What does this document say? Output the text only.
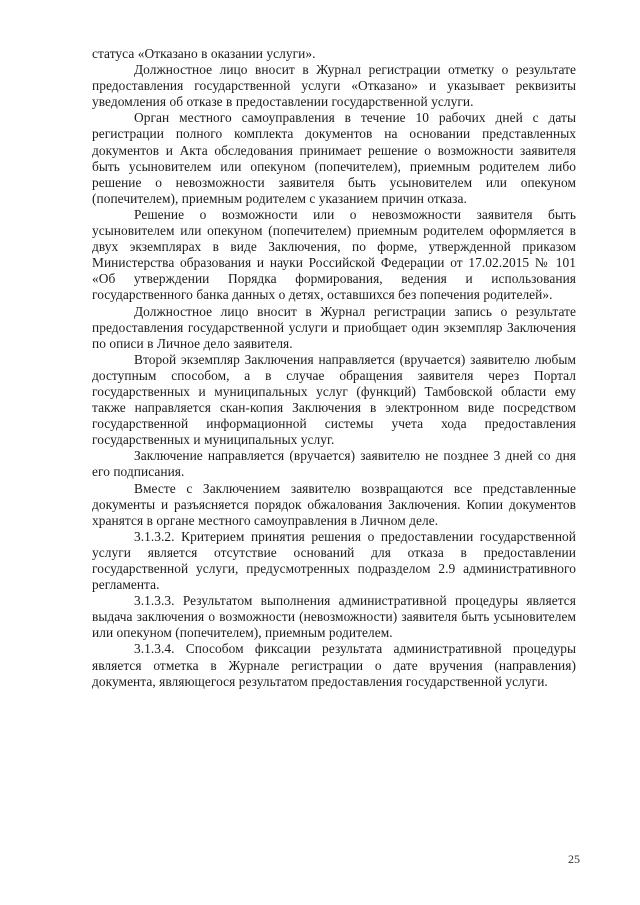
статуса «Отказано в оказании услуги».

Должностное лицо вносит в Журнал регистрации отметку о результате предоставления государственной услуги «Отказано» и указывает реквизиты уведомления об отказе в предоставлении государственной услуги.

Орган местного самоуправления в течение 10 рабочих дней с даты регистрации полного комплекта документов на основании представленных документов и Акта обследования принимает решение о возможности заявителя быть усыновителем или опекуном (попечителем), приемным родителем либо решение о невозможности заявителя быть усыновителем или опекуном (попечителем), приемным родителем с указанием причин отказа.

Решение о возможности или о невозможности заявителя быть усыновителем или опекуном (попечителем) приемным родителем оформляется в двух экземплярах в виде Заключения, по форме, утвержденной приказом Министерства образования и науки Российской Федерации от 17.02.2015 № 101 «Об утверждении Порядка формирования, ведения и использования государственного банка данных о детях, оставшихся без попечения родителей».

Должностное лицо вносит в Журнал регистрации запись о результате предоставления государственной услуги и приобщает один экземпляр Заключения по описи в Личное дело заявителя.

Второй экземпляр Заключения направляется (вручается) заявителю любым доступным способом, а в случае обращения заявителя через Портал государственных и муниципальных услуг (функций) Тамбовской области ему также направляется скан-копия Заключения в электронном виде посредством государственной информационной системы учета хода предоставления государственных и муниципальных услуг.

Заключение направляется (вручается) заявителю не позднее 3 дней со дня его подписания.

Вместе с Заключением заявителю возвращаются все представленные документы и разъясняется порядок обжалования Заключения. Копии документов хранятся в органе местного самоуправления в Личном деле.

3.1.3.2. Критерием принятия решения о предоставлении государственной услуги является отсутствие оснований для отказа в предоставлении государственной услуги, предусмотренных подразделом 2.9 административного регламента.

3.1.3.3. Результатом выполнения административной процедуры является выдача заключения о возможности (невозможности) заявителя быть усыновителем или опекуном (попечителем), приемным родителем.

3.1.3.4. Способом фиксации результата административной процедуры является отметка в Журнале регистрации о дате вручения (направления) документа, являющегося результатом предоставления государственной услуги.

25
